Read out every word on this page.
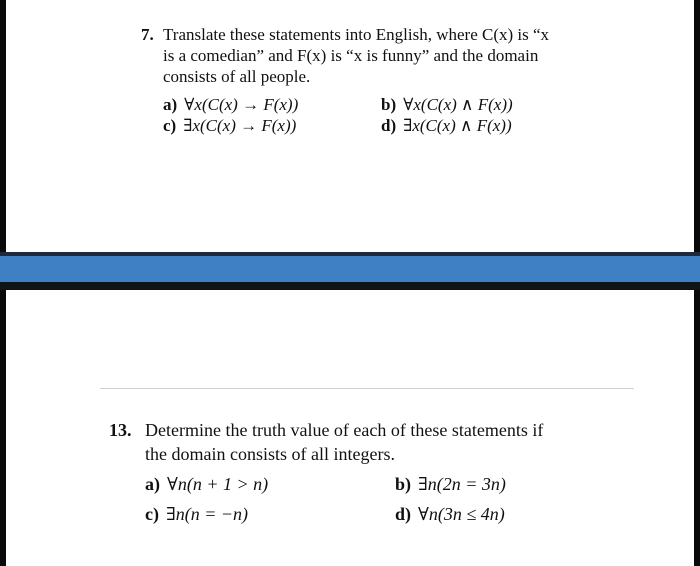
7. Translate these statements into English, where C(x) is “x
is a comedian” and F(x) is “x is funny” and the domain
consists of all people.
a) ∀x(C(x) → F(x))	b) ∀x(C(x) ∧ F(x))
c) ∃x(C(x) → F(x))	d) ∃x(C(x) ∧ F(x))
13. Determine the truth value of each of these statements if
the domain consists of all integers.
a) ∀n(n + 1 > n)	b) ∃n(2n = 3n)
c) ∃n(n = −n)	d) ∀n(3n ≤ 4n)
